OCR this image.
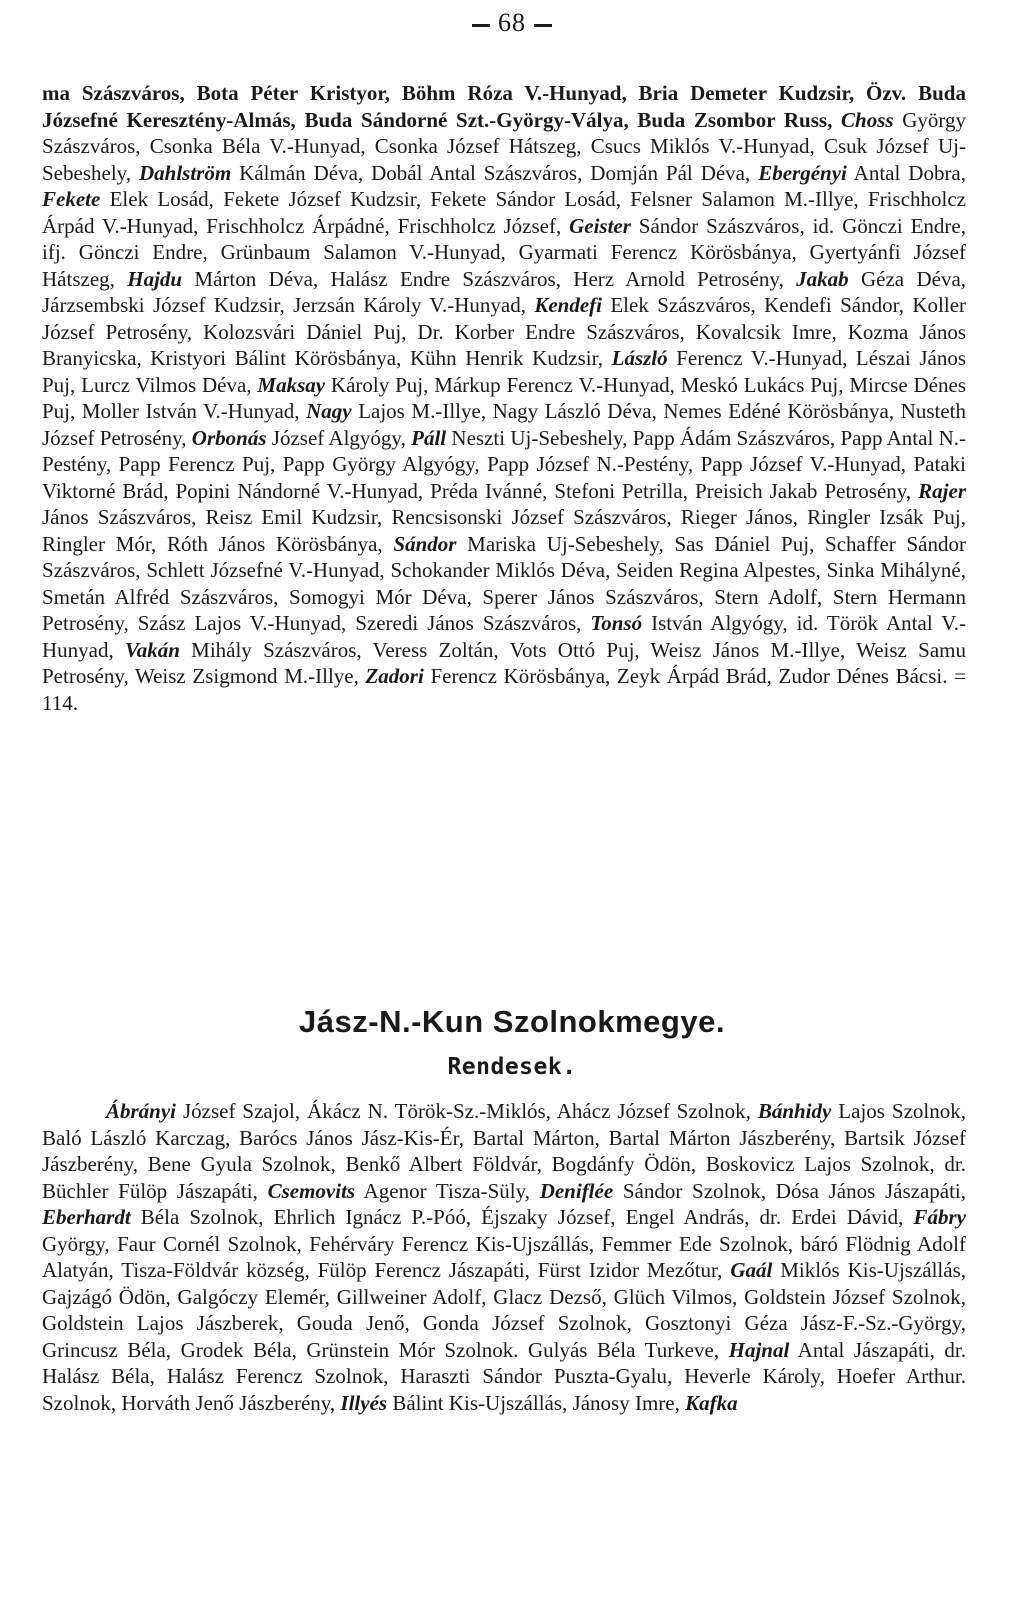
68

ma Szászváros, Bota Péter Kristyor, Böhm Róza V.-Hunyad, Bria Demeter Kudzsir, Özv. Buda Józsefné Keresztény-Almás, Buda Sándorné Szt.-György-Válya, Buda Zsombor Russ, Choss György Szászváros, Csonka Béla V.-Hunyad, Csonka József Hátszeg, Csucs Miklós V.-Hunyad, Csuk József Uj-Sebeshely, Dahlström Kálmán Déva, Dobál Antal Szászváros, Domján Pál Déva, Ebergényi Antal Dobra, Fekete Elek Losád, Fekete József Kudzsir, Fekete Sándor Losád, Felsner Salamon M.-Illye, Frischholcz Árpád V.-Hunyad, Frischholcz Árpádné, Frischholcz József, Geister Sándor Szászváros, id. Gönczi Endre, ifj. Gönczi Endre, Grünbaum Salamon V.-Hunyad, Gyarmati Ferencz Körösbánya, Gyertyánfi József Hátszeg, Hajdu Márton Déva, Halász Endre Szászváros, Herz Arnold Petrosény, Jakab Géza Déva, Járzsembski József Kudzsir, Jerzsán Károly V.-Hunyad, Kendefi Elek Szászváros, Kendefi Sándor, Koller József Petrosény, Kolozsvári Dániel Puj, Dr. Korber Endre Szászváros, Kovalcsik Imre, Kozma János Branyicska, Kristyori Bálint Körösbánya, Kühn Henrik Kudzsir, László Ferencz V.-Hunyad, Lészai János Puj, Lurcz Vilmos Déva, Maksay Károly Puj, Márkup Ferencz V.-Hunyad, Meskó Lukács Puj, Mircse Dénes Puj, Moller István V.-Hunyad, Nagy Lajos M.-Illye, Nagy László Déva, Nemes Edéné Körösbánya, Nusteth József Petrosény, Orbonás József Algyógy, Páll Neszti Uj-Sebeshely, Papp Ádám Szászváros, Papp Antal N.-Pestény, Papp Ferencz Puj, Papp György Algyógy, Papp József N.-Pestény, Papp József V.-Hunyad, Pataki Viktorné Brád, Popini Nándorné V.-Hunyad, Préda Ivánné, Stefoni Petrilla, Preisich Jakab Petrosény, Rajer János Szászváros, Reisz Emil Kudzsir, Rencsisonski József Szászváros, Rieger János, Ringler Izsák Puj, Ringler Mór, Róth János Körösbánya, Sándor Mariska Uj-Sebeshely, Sas Dániel Puj, Schaffer Sándor Szászváros, Schlett Józsefné V.-Hunyad, Schokander Miklós Déva, Seiden Regina Alpestes, Sinka Mihályné, Smetán Alfréd Szászváros, Somogyi Mór Déva, Sperer János Szászváros, Stern Adolf, Stern Hermann Petrosény, Szász Lajos V.-Hunyad, Szeredi János Szászváros, Tonsó István Algyógy, id. Török Antal V.-Hunyad, Vakán Mihály Szászváros, Veress Zoltán, Vots Ottó Puj, Weisz János M.-Illye, Weisz Samu Petrosény, Weisz Zsigmond M.-Illye, Zadori Ferencz Körösbánya, Zeyk Árpád Brád, Zudor Dénes Bácsi. = 114.

Jász-N.-Kun Szolnokmegye.
Rendesek.

Ábrányi József Szajol, Ákácz N. Török-Sz.-Miklós, Ahácz József Szolnok, Bánhidy Lajos Szolnok, Baló László Karczag, Barócs János Jász-Kis-Ér, Bartal Márton, Bartal Márton Jászberény, Bartsik József Jászberény, Bene Gyula Szolnok, Benkő Albert Földvár, Bogdánfy Ödön, Boskovicz Lajos Szolnok, dr. Büchler Fülöp Jászapáti, Csemovits Agenor Tisza-Süly, Deniflée Sándor Szolnok, Dósa János Jászapáti, Eberhardt Béla Szolnok, Ehrlich Ignácz P.-Póó, Éjszaky József, Engel András, dr. Erdei Dávid, Fábry György, Faur Cornél Szolnok, Fehérváry Ferencz Kis-Ujszállás, Femmer Ede Szolnok, báró Flödnig Adolf Alatyán, Tisza-Földvár község, Fülöp Ferencz Jászapáti, Fürst Izidor Mezőtur, Gaál Miklós Kis-Ujszállás, Gajzágó Ödön, Galgóczy Elemér, Gillweiner Adolf, Glacz Dezső, Glüch Vilmos, Goldstein József Szolnok, Goldstein Lajos Jászberek, Gouda Jenő, Gonda József Szolnok, Gosztonyi Géza Jász-F.-Sz.-György, Grincusz Béla, Grodek Béla, Grünstein Mór Szolnok. Gulyás Béla Turkeve, Hajnal Antal Jászapáti, dr. Halász Béla, Halász Ferencz Szolnok, Haraszti Sándor Puszta-Gyalu, Heverle Károly, Hoefer Arthur. Szolnok, Horváth Jenő Jászberény, Illyés Bálint Kis-Ujszállás, Jánosy Imre, Kafka
